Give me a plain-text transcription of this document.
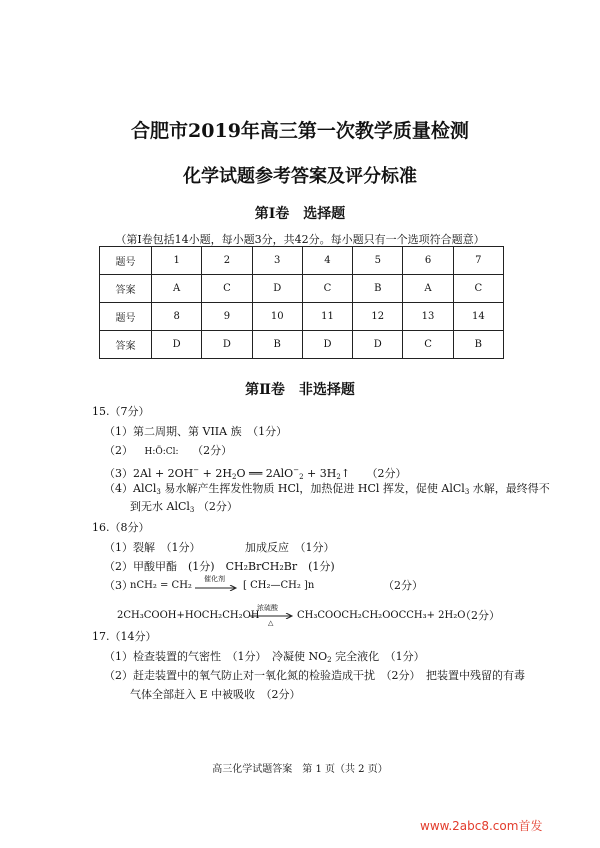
合肥市2019年高三第一次教学质量检测
化学试题参考答案及评分标准
第Ⅰ卷 选择题
（第Ⅰ卷包括14小题，每小题3分，共42分。每小题只有一个选项符合题意）
题号	1	2	3	4	5	6	7
答案	A	C	D	C	B	A	C
题号	8	9	10	11	12	13	14
答案	D	D	B	D	D	C	B
第Ⅱ卷 非选择题
15.（7分）
（1）第二周期、第 VIIA 族　（1分）
（2） H:Ö:Cl: （2分）
$(3)2Al + 2OH^- + 2H_2O$ ══ $2AlO^-_2 + 3H_2↑$　　（2分）
（4）AlCl$_3$ 易水解产生挥发性物质 HCl，加热促进 HCl 挥发，促使 AlCl$_3$ 水解，最终得不
到无水 AlCl$_3$ （2分）
16.（8分）
（1）裂解　（1分）	加成反应　（1分）
（2）甲酸甲酯　(1分)　CH₂BrCH₂Br　(1分)
（3）
nCH₂ = CH₂
催化剂
→ [ CH₂—CH₂ ]n	（2分）
2CH₃COOH+HOCH₂CH₂OH
浓硫酸
△
CH₃COOCH₂CH₂OOCCH₃+ 2H₂O
（2分）
17.（14分）
（1）检查装置的气密性　（1分）　冷凝使 $NO_2$ 完全液化　（1分）
（2）赶走装置中的氧气防止对一氧化氮的检验造成干扰　（2分）　把装置中残留的有毒
气体全部赶入 E 中被吸收　（2分）
高三化学试题答案　第 1 页（共 2 页）
www.2abc8.com首发
